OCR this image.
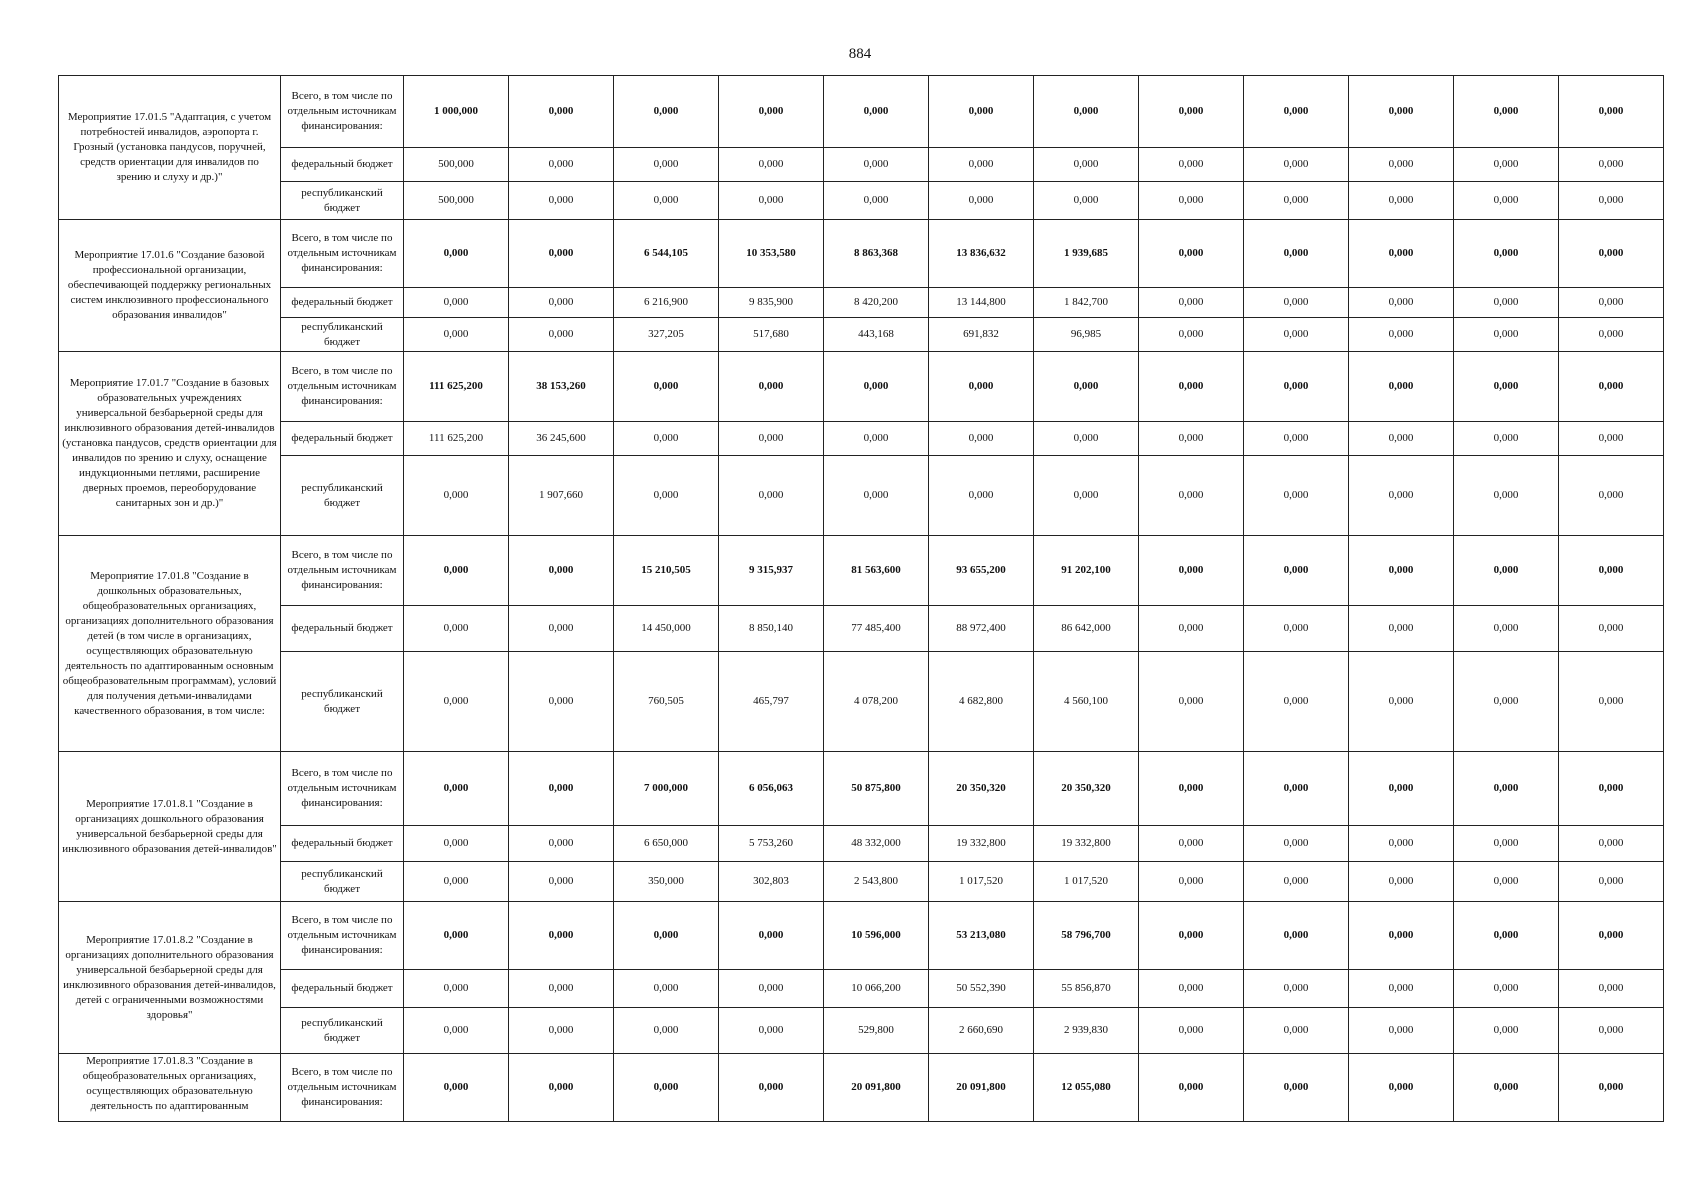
884
Мероприятие 17.01.5 "Адаптация, с учетом потребностей инвалидов, аэропорта г. Грозный (установка пандусов, поручней, средств ориентации для инвалидов по зрению и слуху и др.)"	Всего, в том числе по отдельным источникам финансирования:	1 000,000	0,000	0,000	0,000	0,000	0,000	0,000	0,000	0,000	0,000	0,000	0,000
	федеральный бюджет	500,000	0,000	0,000	0,000	0,000	0,000	0,000	0,000	0,000	0,000	0,000	0,000
	республиканский бюджет	500,000	0,000	0,000	0,000	0,000	0,000	0,000	0,000	0,000	0,000	0,000	0,000

Мероприятие 17.01.6 "Создание базовой профессиональной организации, обеспечивающей поддержку региональных систем инклюзивного профессионального образования инвалидов"	Всего, в том числе по отдельным источникам финансирования:	0,000	0,000	6 544,105	10 353,580	8 863,368	13 836,632	1 939,685	0,000	0,000	0,000	0,000	0,000
	федеральный бюджет	0,000	0,000	6 216,900	9 835,900	8 420,200	13 144,800	1 842,700	0,000	0,000	0,000	0,000	0,000
	республиканский бюджет	0,000	0,000	327,205	517,680	443,168	691,832	96,985	0,000	0,000	0,000	0,000	0,000

Мероприятие 17.01.7 "Создание в базовых образовательных учреждениях универсальной безбарьерной среды для инклюзивного образования детей-инвалидов (установка пандусов, средств ориентации для инвалидов по зрению и слуху, оснащение индукционными петлями, расширение дверных проемов, переоборудование санитарных зон и др.)"	Всего, в том числе по отдельным источникам финансирования:	111 625,200	38 153,260	0,000	0,000	0,000	0,000	0,000	0,000	0,000	0,000	0,000	0,000
	федеральный бюджет	111 625,200	36 245,600	0,000	0,000	0,000	0,000	0,000	0,000	0,000	0,000	0,000	0,000
	республиканский бюджет	0,000	1 907,660	0,000	0,000	0,000	0,000	0,000	0,000	0,000	0,000	0,000	0,000

Мероприятие 17.01.8 "Создание в дошкольных образовательных, общеобразовательных организациях, организациях дополнительного образования детей (в том числе в организациях, осуществляющих образовательную деятельность по адаптированным основным общеобразовательным программам), условий для получения детьми-инвалидами качественного образования, в том числе:	Всего, в том числе по отдельным источникам финансирования:	0,000	0,000	15 210,505	9 315,937	81 563,600	93 655,200	91 202,100	0,000	0,000	0,000	0,000	0,000
	федеральный бюджет	0,000	0,000	14 450,000	8 850,140	77 485,400	88 972,400	86 642,000	0,000	0,000	0,000	0,000	0,000
	республиканский бюджет	0,000	0,000	760,505	465,797	4 078,200	4 682,800	4 560,100	0,000	0,000	0,000	0,000	0,000

Мероприятие 17.01.8.1 "Создание в организациях дошкольного образования универсальной безбарьерной среды для инклюзивного образования детей-инвалидов"	Всего, в том числе по отдельным источникам финансирования:	0,000	0,000	7 000,000	6 056,063	50 875,800	20 350,320	20 350,320	0,000	0,000	0,000	0,000	0,000
	федеральный бюджет	0,000	0,000	6 650,000	5 753,260	48 332,000	19 332,800	19 332,800	0,000	0,000	0,000	0,000	0,000
	республиканский бюджет	0,000	0,000	350,000	302,803	2 543,800	1 017,520	1 017,520	0,000	0,000	0,000	0,000	0,000

Мероприятие 17.01.8.2 "Создание в организациях дополнительного образования универсальной безбарьерной среды для инклюзивного образования детей-инвалидов, детей с ограниченными возможностями здоровья"	Всего, в том числе по отдельным источникам финансирования:	0,000	0,000	0,000	0,000	10 596,000	53 213,080	58 796,700	0,000	0,000	0,000	0,000	0,000
	федеральный бюджет	0,000	0,000	0,000	0,000	10 066,200	50 552,390	55 856,870	0,000	0,000	0,000	0,000	0,000
	республиканский бюджет	0,000	0,000	0,000	0,000	529,800	2 660,690	2 939,830	0,000	0,000	0,000	0,000	0,000

Мероприятие 17.01.8.3 "Создание в общеобразовательных организациях, осуществляющих образовательную деятельность по адаптированным	Всего, в том числе по отдельным источникам финансирования:	0,000	0,000	0,000	0,000	20 091,800	20 091,800	12 055,080	0,000	0,000	0,000	0,000	0,000
